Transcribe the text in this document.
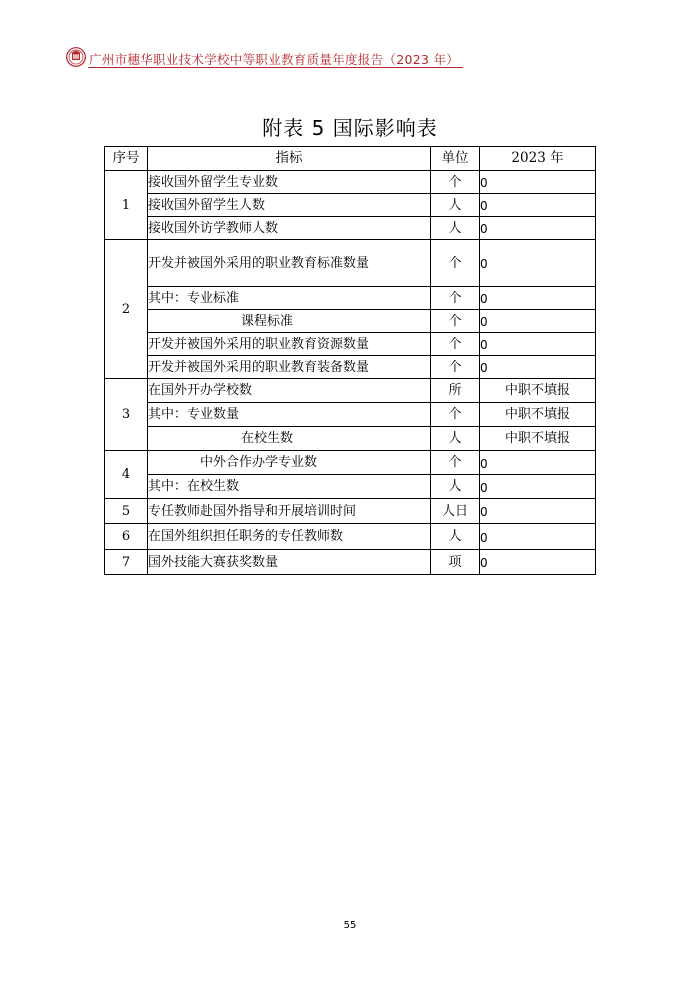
广州市穗华职业技术学校中等职业教育质量年度报告（2023 年）
附表 5 国际影响表
序号	指标	单位	2023 年
1	接收国外留学生专业数	个	0
	接收国外留学生人数	人	0
	接收国外访学教师人数	人	0
2	开发并被国外采用的职业教育标准数量	个	0
	其中：专业标准	个	0
	课程标准	个	0
	开发并被国外采用的职业教育资源数量	个	0
	开发并被国外采用的职业教育装备数量	个	0
3	在国外开办学校数	所	中职不填报
	其中：专业数量	个	中职不填报
	在校生数	人	中职不填报
4	中外合作办学专业数	个	0
	其中：在校生数	人	0
5	专任教师赴国外指导和开展培训时间	人日	0
6	在国外组织担任职务的专任教师数	人	0
7	国外技能大赛获奖数量	项	0
55
